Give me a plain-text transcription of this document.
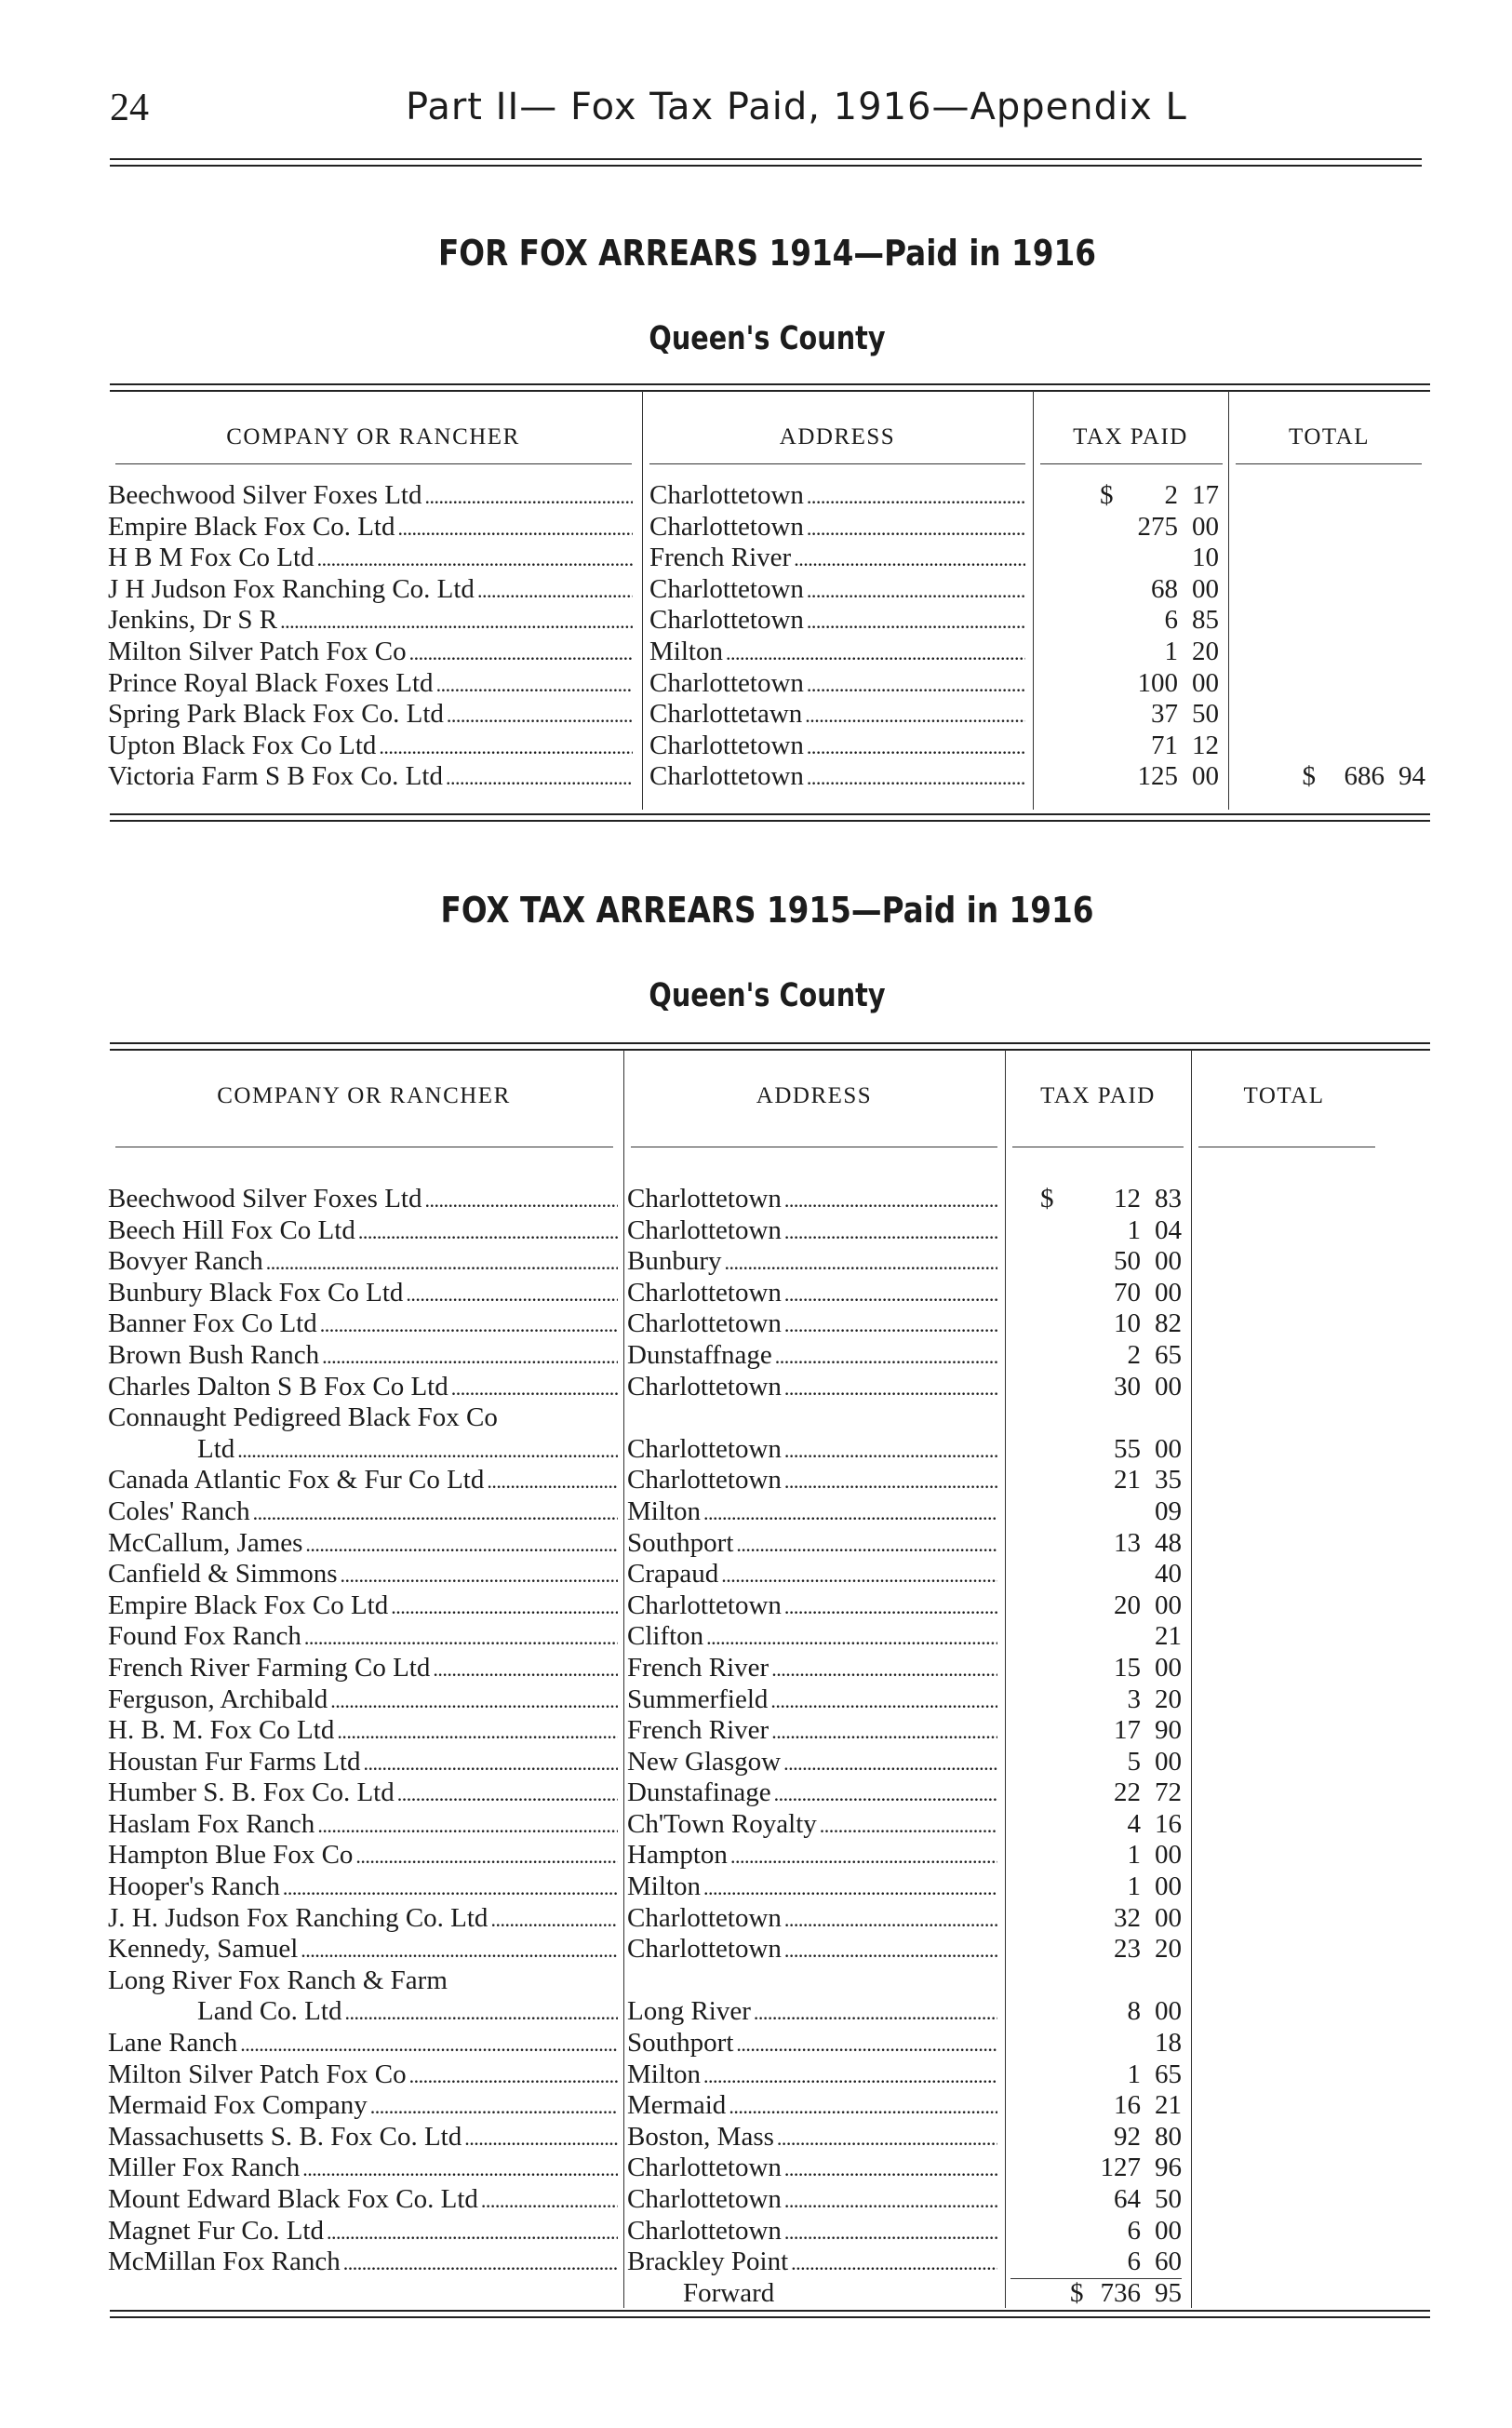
24	Part II— Fox Tax Paid, 1916—Appendix L
FOR FOX ARREARS 1914—Paid in 1916
Queen's County
COMPANY OR RANCHER	ADDRESS	TAX PAID	TOTAL
Beechwood Silver Foxes Ltd . . .	Charlottetown . . .	2 17
$
Empire Black Fox Co. Ltd . . .	Charlottetown . . .	275 00
H B M Fox Co Ltd . . .	French River . . .	10
J H Judson Fox Ranching Co. Ltd . . .	Charlottetown . . .	68 00
Jenkins, Dr S R . . .	Charlottetown . . .	6 85
Milton Silver Patch Fox Co . . .	Milton . . .	1 20
Prince Royal Black Foxes Ltd . . .	Charlottetown . . .	100 00
Spring Park Black Fox Co. Ltd . . .	Charlottetawn . . .	37 50
Upton Black Fox Co Ltd . . .	Charlottetown . . .	71 12
Victoria Farm S B Fox Co. Ltd . . .	Charlottetown . . .	125 00	$	686 94
FOX TAX ARREARS 1915—Paid in 1916
Queen's County
COMPANY OR RANCHER	ADDRESS	TAX PAID	TOTAL
Beechwood Silver Foxes Ltd . . .	Charlottetown . . .	12 83
$
Beech Hill Fox Co Ltd . . .	Charlottetown . . .	1 04
Bovyer Ranch . . .	Bunbury . . .	50 00
Bunbury Black Fox Co Ltd . . .	Charlottetown . . .	70 00
Banner Fox Co Ltd . . .	Charlottetown . . .	10 82
Brown Bush Ranch . . .	Dunstaffnage . . .	2 65
Charles Dalton S B Fox Co Ltd . . .	Charlottetown . . .	30 00
Connaught Pedigreed Black Fox Co
Ltd . . .	Charlottetown . . .	55 00
Canada Atlantic Fox & Fur Co Ltd . . .	Charlottetown . . .	21 35
Coles' Ranch . . .	Milton . . .	09
McCallum, James . . .	Southport . . .	13 48
Canfield & Simmons . . .	Crapaud . . .	40
Empire Black Fox Co Ltd . . .	Charlottetown . . .	20 00
Found Fox Ranch . . .	Clifton . . .	21
French River Farming Co Ltd . . .	French River . . .	15 00
Ferguson, Archibald . . .	Summerfield . . .	3 20
H. B. M. Fox Co Ltd . . .	French River . . .	17 90
Houstan Fur Farms Ltd . . .	New Glasgow . . .	5 00
Humber S. B. Fox Co. Ltd . . .	Dunstafinage . . .	22 72
Haslam Fox Ranch . . .	Ch'Town Royalty . . .	4 16
Hampton Blue Fox Co . . .	Hampton . . .	1 00
Hooper's Ranch . . .	Milton . . .	1 00
J. H. Judson Fox Ranching Co. Ltd . . .	Charlottetown . . .	32 00
Kennedy, Samuel . . .	Charlottetown . . .	23 20
Long River Fox Ranch & Farm
Land Co. Ltd . . .	Long River . . .	8 00
Lane Ranch . . .	Southport . . .	18
Milton Silver Patch Fox Co . . .	Milton . . .	1 65
Mermaid Fox Company . . .	Mermaid . . .	16 21
Massachusetts S. B. Fox Co. Ltd . . .	Boston, Mass . . .	92 80
Miller Fox Ranch . . .	Charlottetown . . .	127 96
Mount Edward Black Fox Co. Ltd . . .	Charlottetown . . .	64 50
Magnet Fur Co. Ltd . . .	Charlottetown . . .	6 00
McMillan Fox Ranch . . .	Brackley Point . . .	6 60
Forward	$ 736 95
